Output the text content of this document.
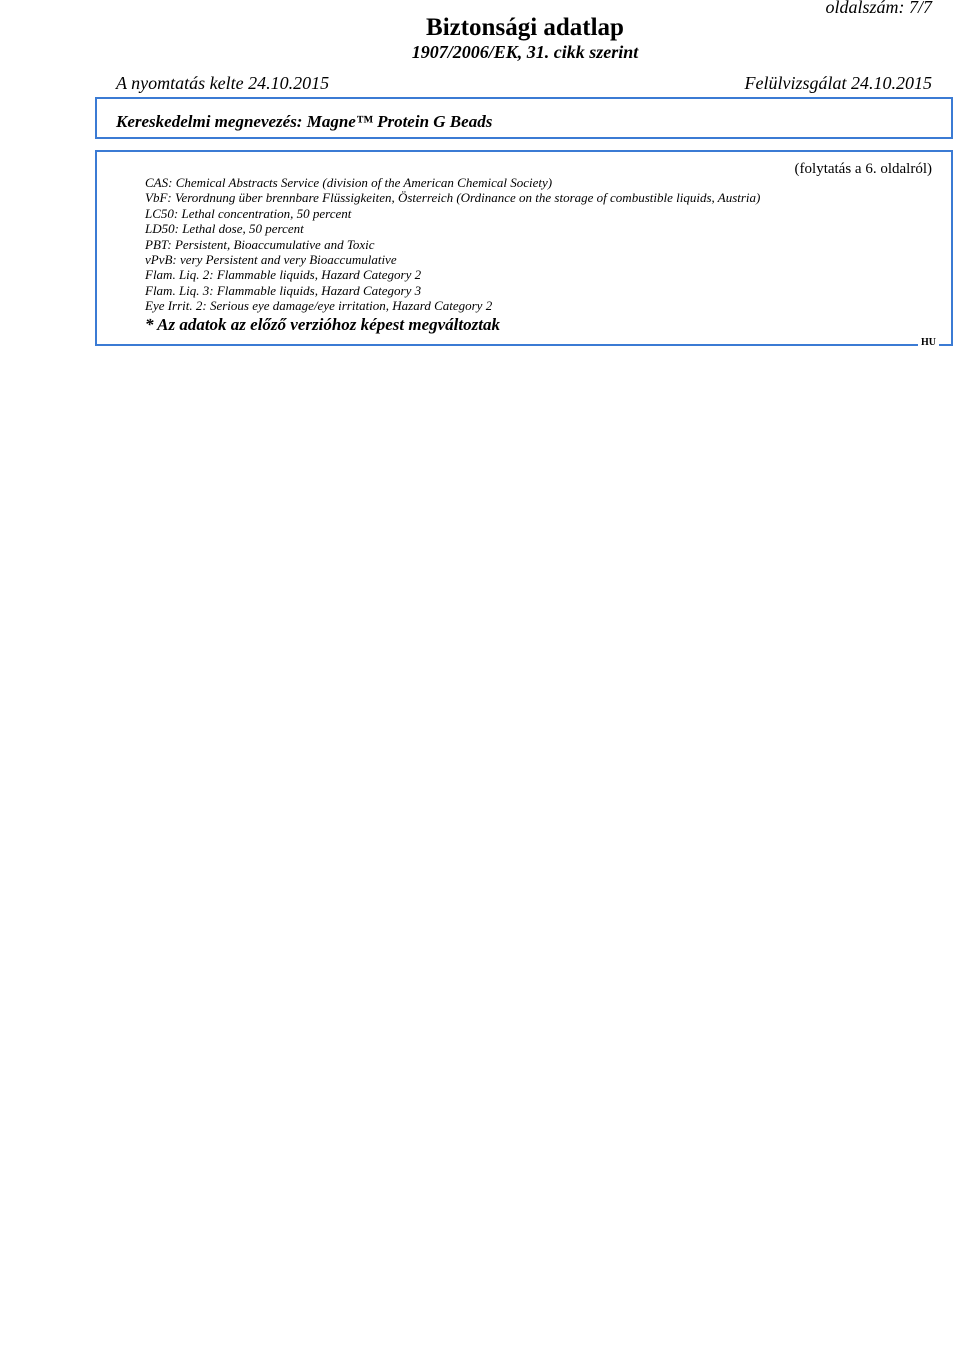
oldalszám: 7/7
Biztonsági adatlap
1907/2006/EK, 31. cikk szerint
A nyomtatás kelte 24.10.2015	Felülvizsgálat 24.10.2015
Kereskedelmi megnevezés: Magne™ Protein G Beads
(folytatás a 6. oldalról)
CAS: Chemical Abstracts Service (division of the American Chemical Society)
VbF: Verordnung über brennbare Flüssigkeiten, Österreich (Ordinance on the storage of combustible liquids, Austria)
LC50: Lethal concentration, 50 percent
LD50: Lethal dose, 50 percent
PBT: Persistent, Bioaccumulative and Toxic
vPvB: very Persistent and very Bioaccumulative
Flam. Liq. 2: Flammable liquids, Hazard Category 2
Flam. Liq. 3: Flammable liquids, Hazard Category 3
Eye Irrit. 2: Serious eye damage/eye irritation, Hazard Category 2
* Az adatok az előző verzióhoz képest megváltoztak
HU
